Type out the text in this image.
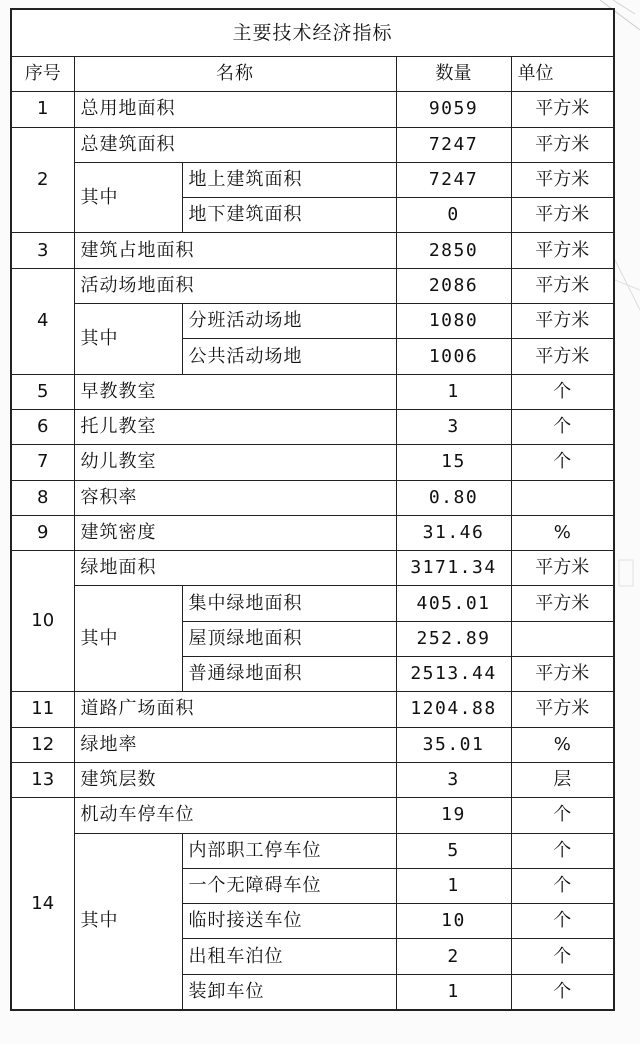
主要技术经济指标				
序号	名称		数量	单位
1	总用地面积		9059	平方米
2	总建筑面积		7247	平方米
	其中	地上建筑面积	7247	平方米
		地下建筑面积	0	平方米
3	建筑占地面积		2850	平方米
4	活动场地面积		2086	平方米
	其中	分班活动场地	1080	平方米
		公共活动场地	1006	平方米
5	早教教室		1	个
6	托儿教室		3	个
7	幼儿教室		15	个
8	容积率		0.80	
9	建筑密度		31.46	%
10	绿地面积		3171.34	平方米
	其中	集中绿地面积	405.01	平方米
		屋顶绿地面积	252.89	
		普通绿地面积	2513.44	平方米
11	道路广场面积		1204.88	平方米
12	绿地率		35.01	%
13	建筑层数		3	层
14	机动车停车位		19	个
	其中	内部职工停车位	5	个
		一个无障碍车位	1	个
		临时接送车位	10	个
		出租车泊位	2	个
		装卸车位	1	个
